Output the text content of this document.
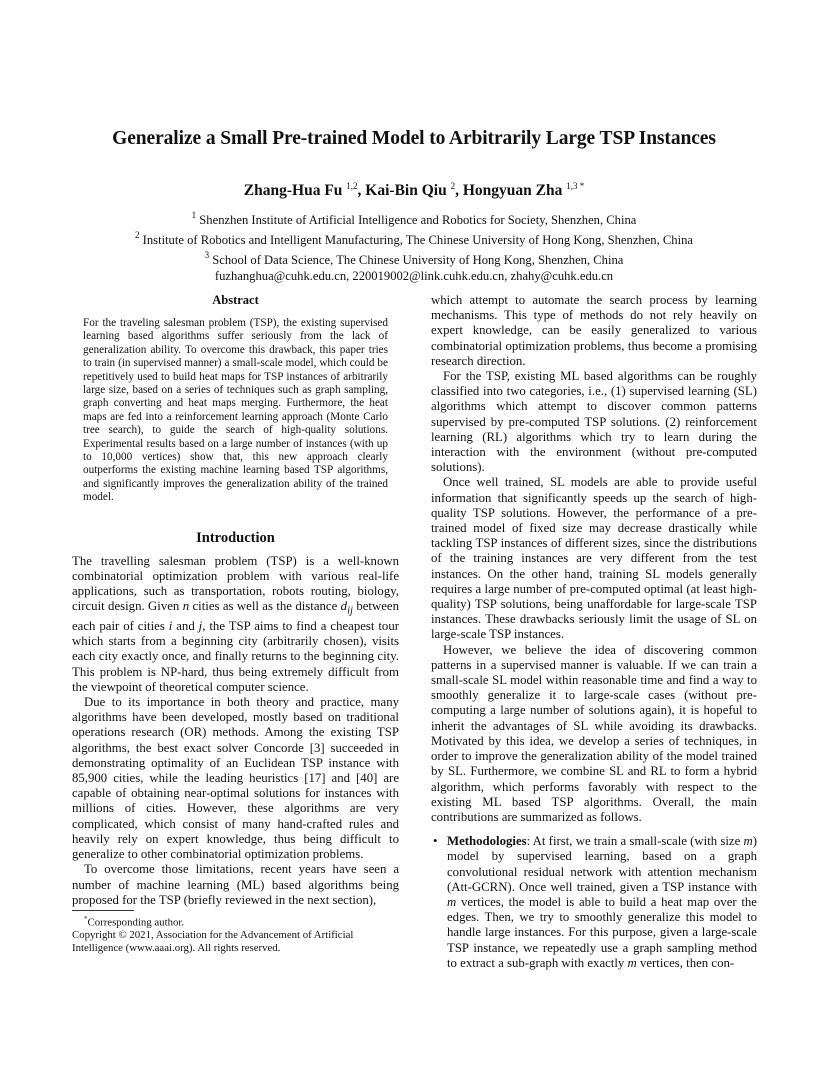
Generalize a Small Pre-trained Model to Arbitrarily Large TSP Instances
Zhang-Hua Fu $^{1,2}$, Kai-Bin Qiu $^2$, Hongyuan Zha $^{1,3 *}$
$^1$ Shenzhen Institute of Artificial Intelligence and Robotics for Society, Shenzhen, China
$^2$ Institute of Robotics and Intelligent Manufacturing, The Chinese University of Hong Kong, Shenzhen, China
$^3$ School of Data Science, The Chinese University of Hong Kong, Shenzhen, China
fuzhanghua@cuhk.edu.cn, 220019002@link.cuhk.edu.cn, zhahy@cuhk.edu.cn
Abstract

For the traveling salesman problem (TSP), the existing supervised learning based algorithms suffer seriously from the lack of generalization ability. To overcome this drawback, this paper tries to train (in supervised manner) a small-scale model, which could be repetitively used to build heat maps for TSP instances of arbitrarily large size, based on a series of techniques such as graph sampling, graph converting and heat maps merging. Furthermore, the heat maps are fed into a reinforcement learning approach (Monte Carlo tree search), to guide the search of high-quality solutions. Experimental results based on a large number of instances (with up to 10,000 vertices) show that, this new approach clearly outperforms the existing machine learning based TSP algorithms, and significantly improves the generalization ability of the trained model.

Introduction

The travelling salesman problem (TSP) is a well-known combinatorial optimization problem with various real-life applications, such as transportation, robots routing, biology, circuit design. Given n cities as well as the distance $d_{ij}$ between each pair of cities i and j, the TSP aims to find a cheapest tour which starts from a beginning city (arbitrarily chosen), visits each city exactly once, and finally returns to the beginning city. This problem is NP-hard, thus being extremely difficult from the viewpoint of theoretical computer science.

Due to its importance in both theory and practice, many algorithms have been developed, mostly based on traditional operations research (OR) methods. Among the existing TSP algorithms, the best exact solver Concorde [3] succeeded in demonstrating optimality of an Euclidean TSP instance with 85,900 cities, while the leading heuristics [17] and [40] are capable of obtaining near-optimal solutions for instances with millions of cities. However, these algorithms are very complicated, which consist of many hand-crafted rules and heavily rely on expert knowledge, thus being difficult to generalize to other combinatorial optimization problems.

To overcome those limitations, recent years have seen a number of machine learning (ML) based algorithms being proposed for the TSP (briefly reviewed in the next section),

*Corresponding author.
Copyright © 2021, Association for the Advancement of Artificial Intelligence (www.aaai.org). All rights reserved.

which attempt to automate the search process by learning mechanisms. This type of methods do not rely heavily on expert knowledge, can be easily generalized to various combinatorial optimization problems, thus become a promising research direction.

For the TSP, existing ML based algorithms can be roughly classified into two categories, i.e., (1) supervised learning (SL) algorithms which attempt to discover common patterns supervised by pre-computed TSP solutions. (2) reinforcement learning (RL) algorithms which try to learn during the interaction with the environment (without pre-computed solutions).

Once well trained, SL models are able to provide useful information that significantly speeds up the search of high-quality TSP solutions. However, the performance of a pre-trained model of fixed size may decrease drastically while tackling TSP instances of different sizes, since the distributions of the training instances are very different from the test instances. On the other hand, training SL models generally requires a large number of pre-computed optimal (at least high-quality) TSP solutions, being unaffordable for large-scale TSP instances. These drawbacks seriously limit the usage of SL on large-scale TSP instances.

However, we believe the idea of discovering common patterns in a supervised manner is valuable. If we can train a small-scale SL model within reasonable time and find a way to smoothly generalize it to large-scale cases (without pre-computing a large number of solutions again), it is hopeful to inherit the advantages of SL while avoiding its drawbacks. Motivated by this idea, we develop a series of techniques, in order to improve the generalization ability of the model trained by SL. Furthermore, we combine SL and RL to form a hybrid algorithm, which performs favorably with respect to the existing ML based TSP algorithms. Overall, the main contributions are summarized as follows.

• Methodologies: At first, we train a small-scale (with size m) model by supervised learning, based on a graph convolutional residual network with attention mechanism (Att-GCRN). Once well trained, given a TSP instance with m vertices, the model is able to build a heat map over the edges. Then, we try to smoothly generalize this model to handle large instances. For this purpose, given a large-scale TSP instance, we repeatedly use a graph sampling method to extract a sub-graph with exactly m vertices, then con-
